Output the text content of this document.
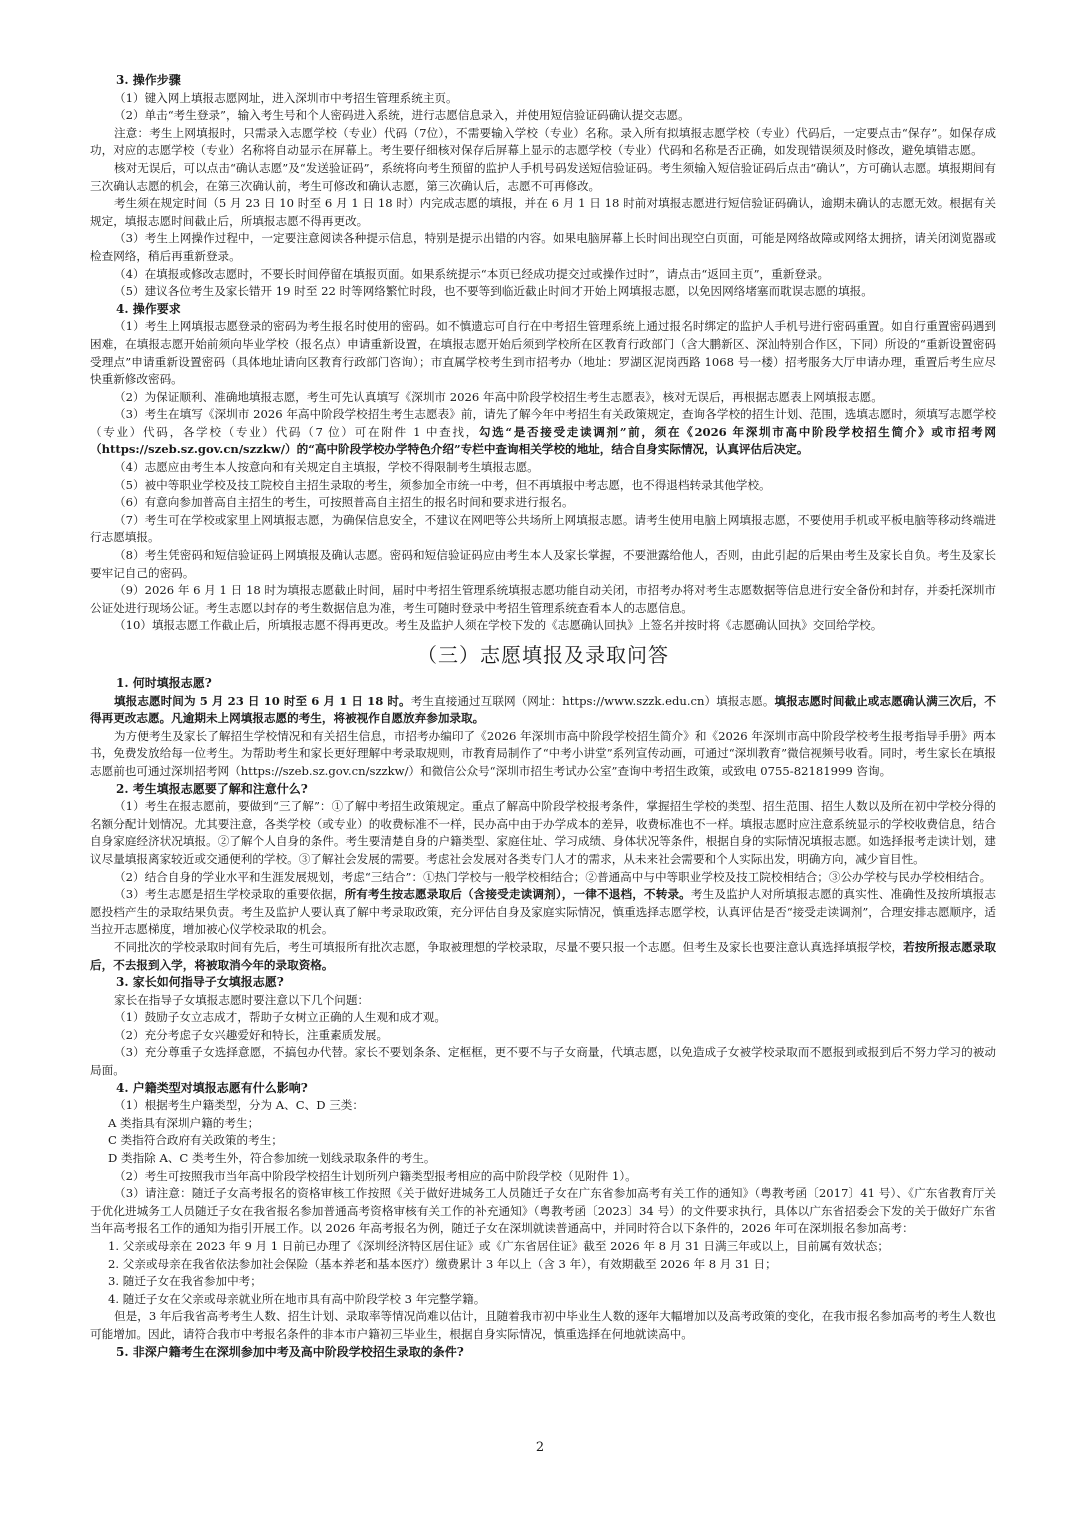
3. 操作步骤

（1）键入网上填报志愿网址，进入深圳市中考招生管理系统主页。

（2）单击“考生登录”，输入考生号和个人密码进入系统，进行志愿信息录入，并使用短信验证码确认提交志愿。

注意：考生上网填报时，只需录入志愿学校（专业）代码（7位），不需要输入学校（专业）名称。录入所有拟填报志愿学校（专业）代码后，一定要点击“保存”。如保存成功，对应的志愿学校（专业）名称将自动显示在屏幕上。考生要仔细核对保存后屏幕上显示的志愿学校（专业）代码和名称是否正确，如发现错误须及时修改，避免填错志愿。

核对无误后，可以点击“确认志愿”及“发送验证码”，系统将向考生预留的监护人手机号码发送短信验证码。考生须输入短信验证码后点击“确认”，方可确认志愿。填报期间有三次确认志愿的机会，在第三次确认前，考生可修改和确认志愿，第三次确认后，志愿不可再修改。

考生须在规定时间（5 月 23 日 10 时至 6 月 1 日 18 时）内完成志愿的填报，并在 6 月 1 日 18 时前对填报志愿进行短信验证码确认，逾期未确认的志愿无效。根据有关规定，填报志愿时间截止后，所填报志愿不得再更改。

（3）考生上网操作过程中，一定要注意阅读各种提示信息，特别是提示出错的内容。如果电脑屏幕上长时间出现空白页面，可能是网络故障或网络太拥挤，请关闭浏览器或检查网络，稍后再重新登录。

（4）在填报或修改志愿时，不要长时间停留在填报页面。如果系统提示“本页已经成功提交过或操作过时”，请点击“返回主页”，重新登录。

（5）建议各位考生及家长错开 19 时至 22 时等网络繁忙时段，也不要等到临近截止时间才开始上网填报志愿，以免因网络堵塞而耽误志愿的填报。

4. 操作要求

（1）考生上网填报志愿登录的密码为考生报名时使用的密码。如不慎遗忘可自行在中考招生管理系统上通过报名时绑定的监护人手机号进行密码重置。如自行重置密码遇到困难，在填报志愿开始前须向毕业学校（报名点）申请重新设置，在填报志愿开始后须到学校所在区教育行政部门（含大鹏新区、深汕特别合作区，下同）所设的“重新设置密码受理点”申请重新设置密码（具体地址请向区教育行政部门咨询）；市直属学校考生到市招考办（地址：罗湖区泥岗西路 1068 号一楼）招考服务大厅申请办理，重置后考生应尽快重新修改密码。

（2）为保证顺利、准确地填报志愿，考生可先认真填写《深圳市 2026 年高中阶段学校招生考生志愿表》，核对无误后，再根据志愿表上网填报志愿。

（3）考生在填写《深圳市 2026 年高中阶段学校招生考生志愿表》前，请先了解今年中考招生有关政策规定，查询各学校的招生计划、范围，选填志愿时，须填写志愿学校（专业）代码，各学校（专业）代码（7 位）可在附件 1 中查找，勾选“是否接受走读调剂”前，须在《2026 年深圳市高中阶段学校招生简介》或市招考网（https://szeb.sz.gov.cn/szzkw/）的“高中阶段学校办学特色介绍”专栏中查询相关学校的地址，结合自身实际情况，认真评估后决定。

（4）志愿应由考生本人按意向和有关规定自主填报，学校不得限制考生填报志愿。

（5）被中等职业学校及技工院校自主招生录取的考生，须参加全市统一中考，但不再填报中考志愿，也不得退档转录其他学校。

（6）有意向参加普高自主招生的考生，可按照普高自主招生的报名时间和要求进行报名。

（7）考生可在学校或家里上网填报志愿，为确保信息安全，不建议在网吧等公共场所上网填报志愿。请考生使用电脑上网填报志愿，不要使用手机或平板电脑等移动终端进行志愿填报。

（8）考生凭密码和短信验证码上网填报及确认志愿。密码和短信验证码应由考生本人及家长掌握，不要泄露给他人，否则，由此引起的后果由考生及家长自负。考生及家长要牢记自己的密码。

（9）2026 年 6 月 1 日 18 时为填报志愿截止时间，届时中考招生管理系统填报志愿功能自动关闭，市招考办将对考生志愿数据等信息进行安全备份和封存，并委托深圳市公证处进行现场公证。考生志愿以封存的考生数据信息为准，考生可随时登录中考招生管理系统查看本人的志愿信息。

（10）填报志愿工作截止后，所填报志愿不得再更改。考生及监护人须在学校下发的《志愿确认回执》上签名并按时将《志愿确认回执》交回给学校。

（三）志愿填报及录取问答

1. 何时填报志愿?

填报志愿时间为 5 月 23 日 10 时至 6 月 1 日 18 时。考生直接通过互联网（网址：https://www.szzk.edu.cn）填报志愿。填报志愿时间截止或志愿确认满三次后，不得再更改志愿。凡逾期未上网填报志愿的考生，将被视作自愿放弃参加录取。

为方便考生及家长了解招生学校情况和有关招生信息，市招考办编印了《2026 年深圳市高中阶段学校招生简介》和《2026 年深圳市高中阶段学校考生报考指导手册》两本书，免费发放给每一位考生。为帮助考生和家长更好理解中考录取规则，市教育局制作了“中考小讲堂”系列宣传动画，可通过“深圳教育”微信视频号收看。同时，考生家长在填报志愿前也可通过深圳招考网（https://szeb.sz.gov.cn/szzkw/）和微信公众号“深圳市招生考试办公室”查询中考招生政策，或致电 0755-82181999 咨询。

2. 考生填报志愿要了解和注意什么?

（1）考生在报志愿前，要做到“三了解”：①了解中考招生政策规定。重点了解高中阶段学校报考条件，掌握招生学校的类型、招生范围、招生人数以及所在初中学校分得的名额分配计划情况。尤其要注意，各类学校（或专业）的收费标准不一样，民办高中由于办学成本的差异，收费标准也不一样。填报志愿时应注意系统显示的学校收费信息，结合自身家庭经济状况填报。②了解个人自身的条件。考生要清楚自身的户籍类型、家庭住址、学习成绩、身体状况等条件，根据自身的实际情况填报志愿。如选择报考走读计划，建议尽量填报离家较近或交通便利的学校。③了解社会发展的需要。考虑社会发展对各类专门人才的需求，从未来社会需要和个人实际出发，明确方向，减少盲目性。

（2）结合自身的学业水平和生涯发展规划，考虑“三结合”：①热门学校与一般学校相结合；②普通高中与中等职业学校及技工院校相结合；③公办学校与民办学校相结合。

（3）考生志愿是招生学校录取的重要依据，所有考生按志愿录取后（含接受走读调剂），一律不退档，不转录。考生及监护人对所填报志愿的真实性、准确性及按所填报志愿投档产生的录取结果负责。考生及监护人要认真了解中考录取政策，充分评估自身及家庭实际情况，慎重选择志愿学校，认真评估是否“接受走读调剂”，合理安排志愿顺序，适当拉开志愿梯度，增加被心仪学校录取的机会。

不同批次的学校录取时间有先后，考生可填报所有批次志愿，争取被理想的学校录取，尽量不要只报一个志愿。但考生及家长也要注意认真选择填报学校，若按所报志愿录取后，不去报到入学，将被取消今年的录取资格。

3. 家长如何指导子女填报志愿?

家长在指导子女填报志愿时要注意以下几个问题：

（1）鼓励子女立志成才，帮助子女树立正确的人生观和成才观。

（2）充分考虑子女兴趣爱好和特长，注重素质发展。

（3）充分尊重子女选择意愿，不搞包办代替。家长不要划条条、定框框，更不要不与子女商量，代填志愿，以免造成子女被学校录取而不愿报到或报到后不努力学习的被动局面。

4. 户籍类型对填报志愿有什么影响?

（1）根据考生户籍类型，分为 A、C、D 三类：

A 类指具有深圳户籍的考生；

C 类指符合政府有关政策的考生；

D 类指除 A、C 类考生外，符合参加统一划线录取条件的考生。

（2）考生可按照我市当年高中阶段学校招生计划所列户籍类型报考相应的高中阶段学校（见附件 1）。

（3）请注意：随迁子女高考报名的资格审核工作按照《关于做好进城务工人员随迁子女在广东省参加高考有关工作的通知》（粤教考函〔2017〕41 号）、《广东省教育厅关于优化进城务工人员随迁子女在我省报名参加普通高考资格审核有关工作的补充通知》（粤教考函〔2023〕34 号）的文件要求执行，具体以广东省招委会下发的关于做好广东省当年高考报名工作的通知为指引开展工作。以 2026 年高考报名为例，随迁子女在深圳就读普通高中，并同时符合以下条件的，2026 年可在深圳报名参加高考：

1. 父亲或母亲在 2023 年 9 月 1 日前已办理了《深圳经济特区居住证》或《广东省居住证》截至 2026 年 8 月 31 日满三年或以上，目前属有效状态；

2. 父亲或母亲在我省依法参加社会保险（基本养老和基本医疗）缴费累计 3 年以上（含 3 年），有效期截至 2026 年 8 月 31 日；

3. 随迁子女在我省参加中考；

4. 随迁子女在父亲或母亲就业所在地市具有高中阶段学校 3 年完整学籍。

但是，3 年后我省高考考生人数、招生计划、录取率等情况尚难以估计，且随着我市初中毕业生人数的逐年大幅增加以及高考政策的变化，在我市报名参加高考的考生人数也可能增加。因此，请符合我市中考报名条件的非本市户籍初三毕业生，根据自身实际情况，慎重选择在何地就读高中。

5. 非深户籍考生在深圳参加中考及高中阶段学校招生录取的条件?

2
